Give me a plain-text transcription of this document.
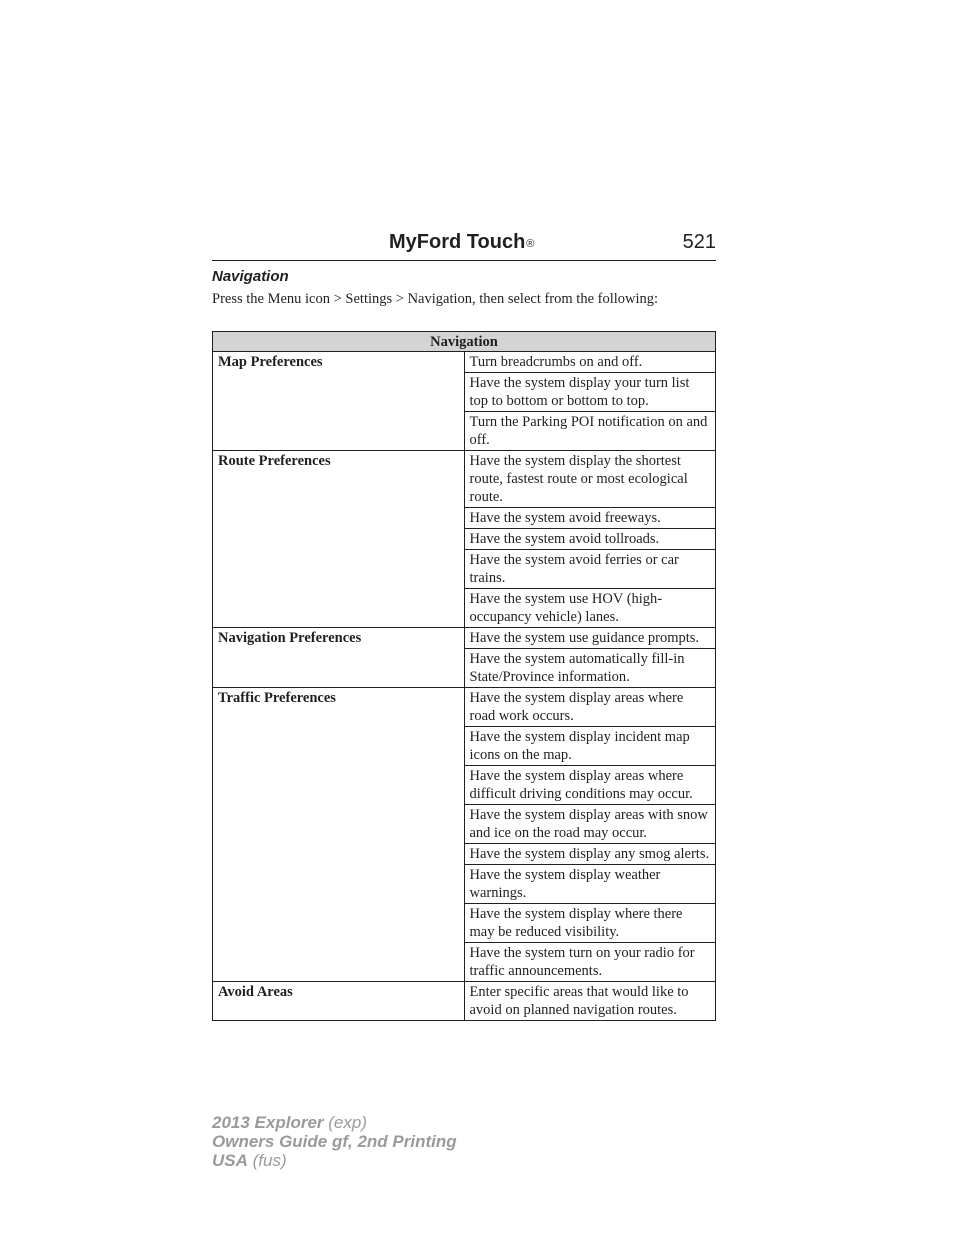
MyFord Touch®	521
Navigation
Press the Menu icon > Settings > Navigation, then select from the following:
Navigation	
Map Preferences	Turn breadcrumbs on and off.
	Have the system display your turn list top to bottom or bottom to top.
	Turn the Parking POI notification on and off.
Route Preferences	Have the system display the shortest route, fastest route or most ecological route.
	Have the system avoid freeways.
	Have the system avoid tollroads.
	Have the system avoid ferries or car trains.
	Have the system use HOV (high-occupancy vehicle) lanes.
Navigation Preferences	Have the system use guidance prompts.
	Have the system automatically fill-in State/Province information.
Traffic Preferences	Have the system display areas where road work occurs.
	Have the system display incident map icons on the map.
	Have the system display areas where difficult driving conditions may occur.
	Have the system display areas with snow and ice on the road may occur.
	Have the system display any smog alerts.
	Have the system display weather warnings.
	Have the system display where there may be reduced visibility.
	Have the system turn on your radio for traffic announcements.
Avoid Areas	Enter specific areas that would like to avoid on planned navigation routes.
2013 Explorer (exp)
Owners Guide gf, 2nd Printing
USA (fus)
